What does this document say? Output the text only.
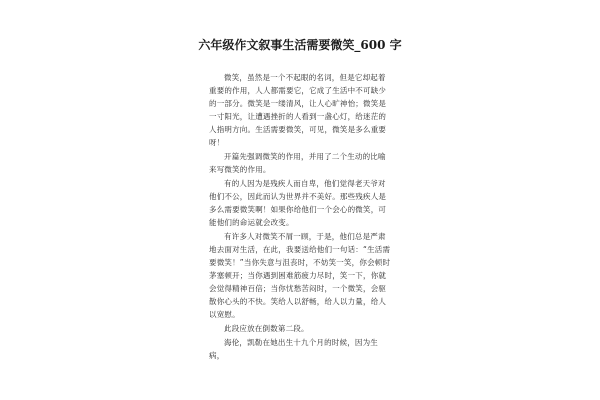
六年级作文叙事生活需要微笑_600 字

微笑，虽然是一个不起眼的名词，但是它却起着重要的作用，人人都需要它，它成了生活中不可缺少的一部分。微笑是一缕清风，让人心旷神怡；微笑是一寸阳光，让遭遇挫折的人看到一盏心灯，给迷茫的人指明方向。生活需要微笑，可见，微笑是多么重要呀！

开篇先强调微笑的作用，并用了二个生动的比喻来写微笑的作用。

有的人因为是残疾人而自卑，他们觉得老天爷对他们不公，因此而认为世界并不美好。那些残疾人是多么需要微笑啊！如果你给他们一个会心的微笑，可能他们的命运就会改变。

有许多人对微笑不屑一顾，于是，他们总是严肃地去面对生活，在此，我要送给他们一句话：“生活需要微笑！”当你失意与沮丧时，不妨笑一笑，你会顿时茅塞顿开；当你遇到困难筋疲力尽时，笑一下，你就会觉得精神百倍；当你忧愁苦闷时，一个微笑，会驱散你心头的不快。笑给人以舒畅，给人以力量，给人以宽慰。

此段应放在倒数第二段。

海伦，凯勒在她出生十九个月的时候，因为生病，
